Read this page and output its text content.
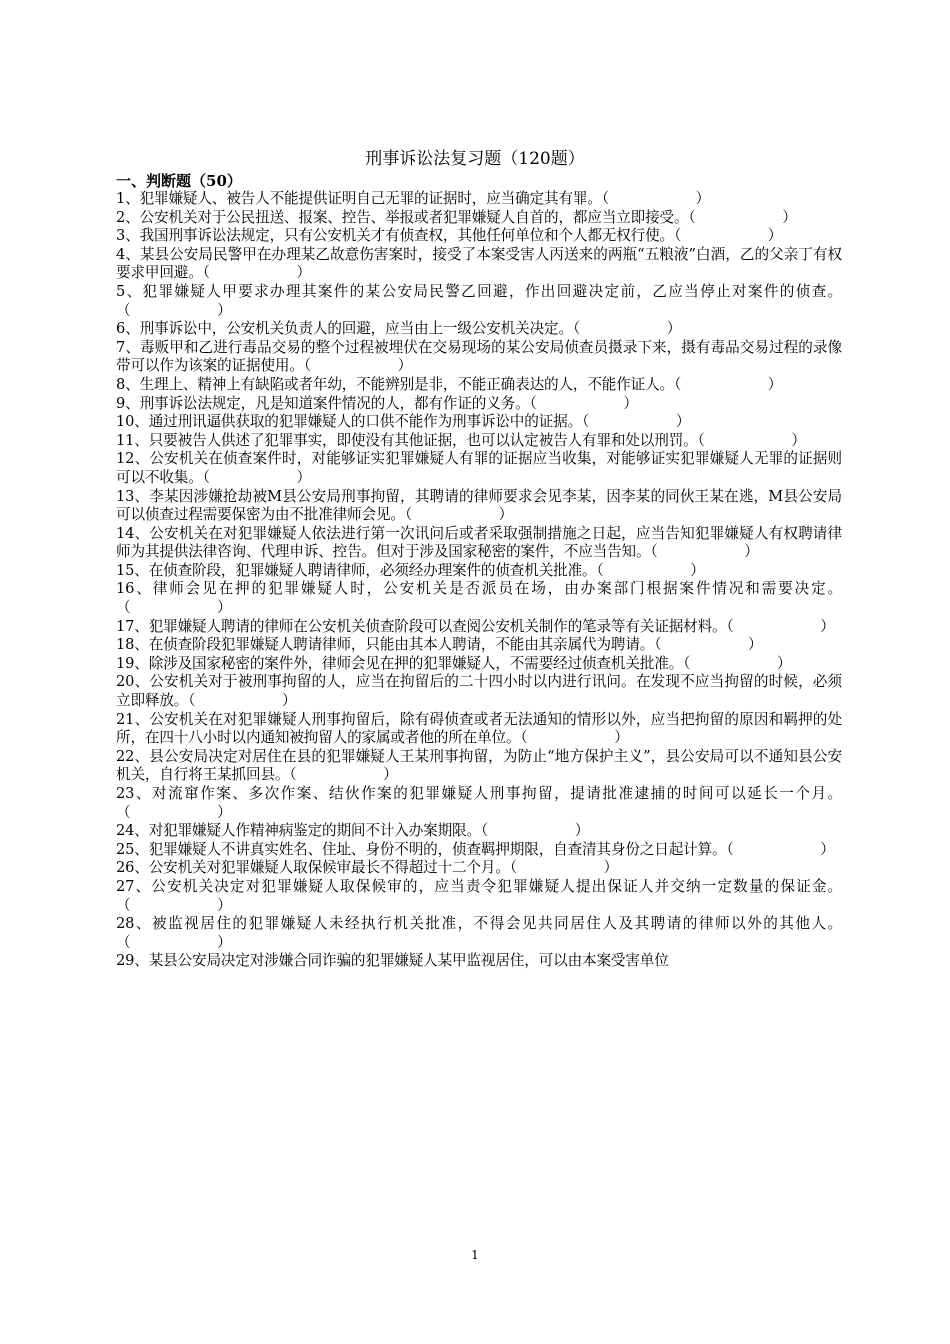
刑事诉讼法复习题（120题）
一、判断题（50）
1、犯罪嫌疑人、被告人不能提供证明自己无罪的证据时，应当确定其有罪。（　　　　　　）
2、公安机关对于公民扭送、报案、控告、举报或者犯罪嫌疑人自首的，都应当立即接受。（　　　　　　）
3、我国刑事诉讼法规定，只有公安机关才有侦查权，其他任何单位和个人都无权行使。（　　　　　　）
4、某县公安局民警甲在办理某乙故意伤害案时，接受了本案受害人丙送来的两瓶“五粮液”白酒，乙的父亲丁有权要求甲回避。（　　　　　　）
5、犯罪嫌疑人甲要求办理其案件的某公安局民警乙回避，作出回避决定前，乙应当停止对案件的侦查。（　　　　　　）
6、刑事诉讼中，公安机关负责人的回避，应当由上一级公安机关决定。（　　　　　　）
7、毒贩甲和乙进行毒品交易的整个过程被埋伏在交易现场的某公安局侦查员摄录下来，摄有毒品交易过程的录像带可以作为该案的证据使用。（　　　　　　）
8、生理上、精神上有缺陷或者年幼，不能辨别是非，不能正确表达的人，不能作证人。（　　　　　　）
9、刑事诉讼法规定，凡是知道案件情况的人，都有作证的义务。（　　　　　　）
10、通过刑讯逼供获取的犯罪嫌疑人的口供不能作为刑事诉讼中的证据。（　　　　　　）
11、只要被告人供述了犯罪事实，即使没有其他证据，也可以认定被告人有罪和处以刑罚。（　　　　　　）
12、公安机关在侦查案件时，对能够证实犯罪嫌疑人有罪的证据应当收集，对能够证实犯罪嫌疑人无罪的证据则可以不收集。（　　　　　　）
13、李某因涉嫌抢劫被M县公安局刑事拘留，其聘请的律师要求会见李某，因李某的同伙王某在逃，M县公安局可以侦查过程需要保密为由不批准律师会见。（　　　　　　）
14、公安机关在对犯罪嫌疑人依法进行第一次讯问后或者采取强制措施之日起，应当告知犯罪嫌疑人有权聘请律师为其提供法律咨询、代理申诉、控告。但对于涉及国家秘密的案件，不应当告知。（　　　　　　）
15、在侦查阶段，犯罪嫌疑人聘请律师，必须经办理案件的侦查机关批准。（　　　　　　）
16、律师会见在押的犯罪嫌疑人时，公安机关是否派员在场，由办案部门根据案件情况和需要决定。（　　　　　　）
17、犯罪嫌疑人聘请的律师在公安机关侦查阶段可以查阅公安机关制作的笔录等有关证据材料。（　　　　　　）
18、在侦查阶段犯罪嫌疑人聘请律师，只能由其本人聘请，不能由其亲属代为聘请。（　　　　　　）
19、除涉及国家秘密的案件外，律师会见在押的犯罪嫌疑人，不需要经过侦查机关批准。（　　　　　　）
20、公安机关对于被刑事拘留的人，应当在拘留后的二十四小时以内进行讯问。在发现不应当拘留的时候，必须立即释放。（　　　　　　）
21、公安机关在对犯罪嫌疑人刑事拘留后，除有碍侦查或者无法通知的情形以外，应当把拘留的原因和羁押的处所，在四十八小时以内通知被拘留人的家属或者他的所在单位。（　　　　　　）
22、县公安局决定对居住在县的犯罪嫌疑人王某刑事拘留，为防止“地方保护主义”，县公安局可以不通知县公安机关，自行将王某抓回县。（　　　　　　）
23、对流窜作案、多次作案、结伙作案的犯罪嫌疑人刑事拘留，提请批准逮捕的时间可以延长一个月。（　　　　　　）
24、对犯罪嫌疑人作精神病鉴定的期间不计入办案期限。（　　　　　　）
25、犯罪嫌疑人不讲真实姓名、住址、身份不明的，侦查羁押期限，自查清其身份之日起计算。（　　　　　　）
26、公安机关对犯罪嫌疑人取保候审最长不得超过十二个月。（　　　　　　）
27、公安机关决定对犯罪嫌疑人取保候审的，应当责令犯罪嫌疑人提出保证人并交纳一定数量的保证金。（　　　　　　）
28、被监视居住的犯罪嫌疑人未经执行机关批准，不得会见共同居住人及其聘请的律师以外的其他人。（　　　　　　）
29、某县公安局决定对涉嫌合同诈骗的犯罪嫌疑人某甲监视居住，可以由本案受害单位
1
